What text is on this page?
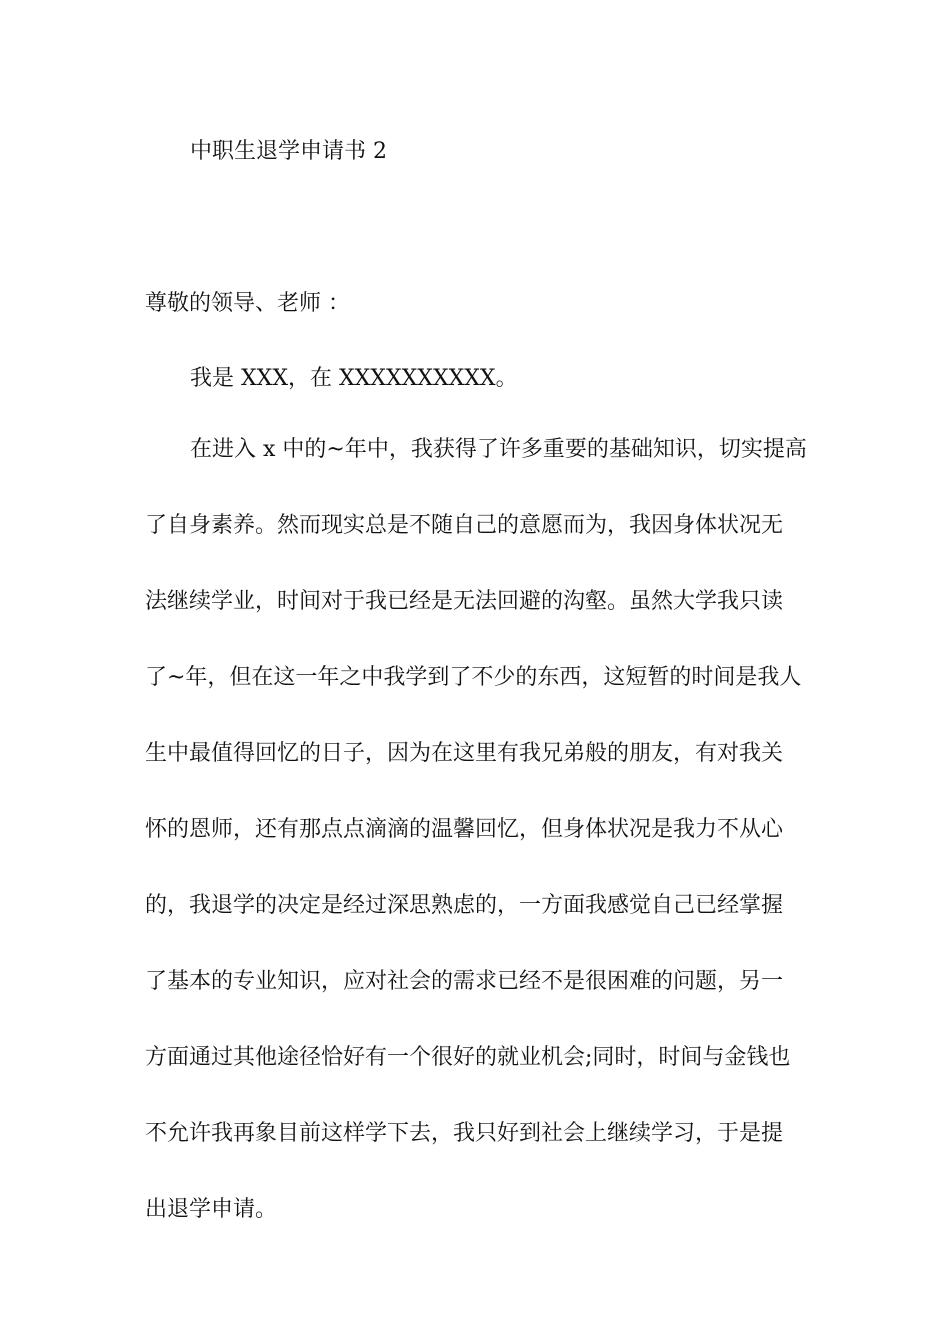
中职生退学申请书 2
尊敬的领导、老师 ：
我是 XXX，在 XXXXXXXXXX。
在进入 x 中的~年中，我获得了许多重要的基础知识，切实提高
了自身素养。然而现实总是不随自己的意愿而为，我因身体状况无
法继续学业，时间对于我已经是无法回避的沟壑。虽然大学我只读
了~年，但在这一年之中我学到了不少的东西，这短暂的时间是我人
生中最值得回忆的日子，因为在这里有我兄弟般的朋友，有对我关
怀的恩师，还有那点点滴滴的温馨回忆，但身体状况是我力不从心
的，我退学的决定是经过深思熟虑的，一方面我感觉自己已经掌握
了基本的专业知识，应对社会的需求已经不是很困难的问题，另一
方面通过其他途径恰好有一个很好的就业机会;同时，时间与金钱也
不允许我再象目前这样学下去，我只好到社会上继续学习，于是提
出退学申请。
